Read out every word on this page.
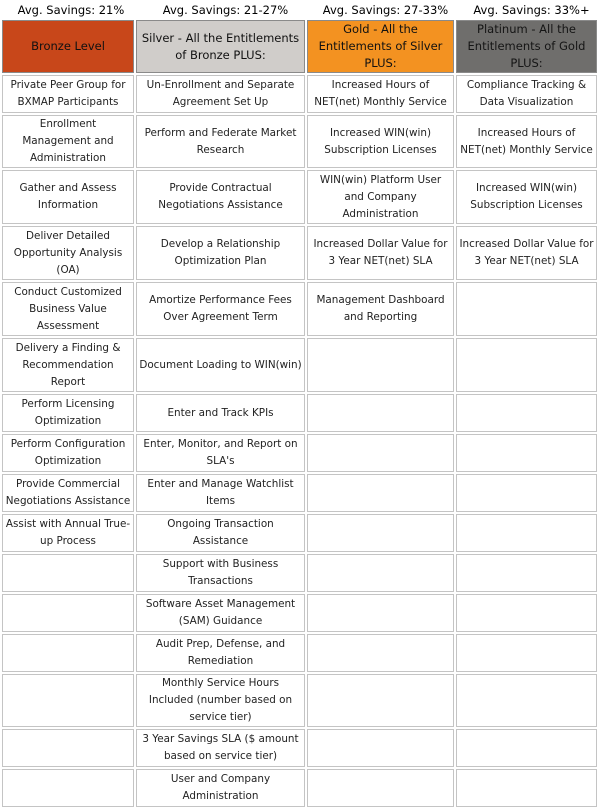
Avg. Savings: 21%	Avg. Savings: 21-27%	Avg. Savings: 27-33%	Avg. Savings: 33%+
Bronze Level	Silver - All the Entitlements of Bronze PLUS:	Gold - All the Entitlements of Silver PLUS:	Platinum - All the Entitlements of Gold PLUS:
Private Peer Group for BXMAP Participants	Un-Enrollment and Separate Agreement Set Up	Increased Hours of NET(net) Monthly Service	Compliance Tracking & Data Visualization
Enrollment Management and Administration	Perform and Federate Market Research	Increased WIN(win) Subscription Licenses	Increased Hours of NET(net) Monthly Service
Gather and Assess Information	Provide Contractual Negotiations Assistance	WIN(win) Platform User and Company Administration	Increased WIN(win) Subscription Licenses
Deliver Detailed Opportunity Analysis (OA)	Develop a Relationship Optimization Plan	Increased Dollar Value for 3 Year NET(net) SLA	Increased Dollar Value for 3 Year NET(net) SLA
Conduct Customized Business Value Assessment	Amortize Performance Fees Over Agreement Term	Management Dashboard and Reporting	
Delivery a Finding & Recommendation Report	Document Loading to WIN(win)		
Perform Licensing Optimization	Enter and Track KPIs		
Perform Configuration Optimization	Enter, Monitor, and Report on SLA's		
Provide Commercial Negotiations Assistance	Enter and Manage Watchlist Items		
Assist with Annual True-up Process	Ongoing Transaction Assistance		
	Support with Business Transactions		
	Software Asset Management (SAM) Guidance		
	Audit Prep, Defense, and Remediation		
	Monthly Service Hours Included (number based on service tier)		
	3 Year Savings SLA ($ amount based on service tier)		
	User and Company Administration		
